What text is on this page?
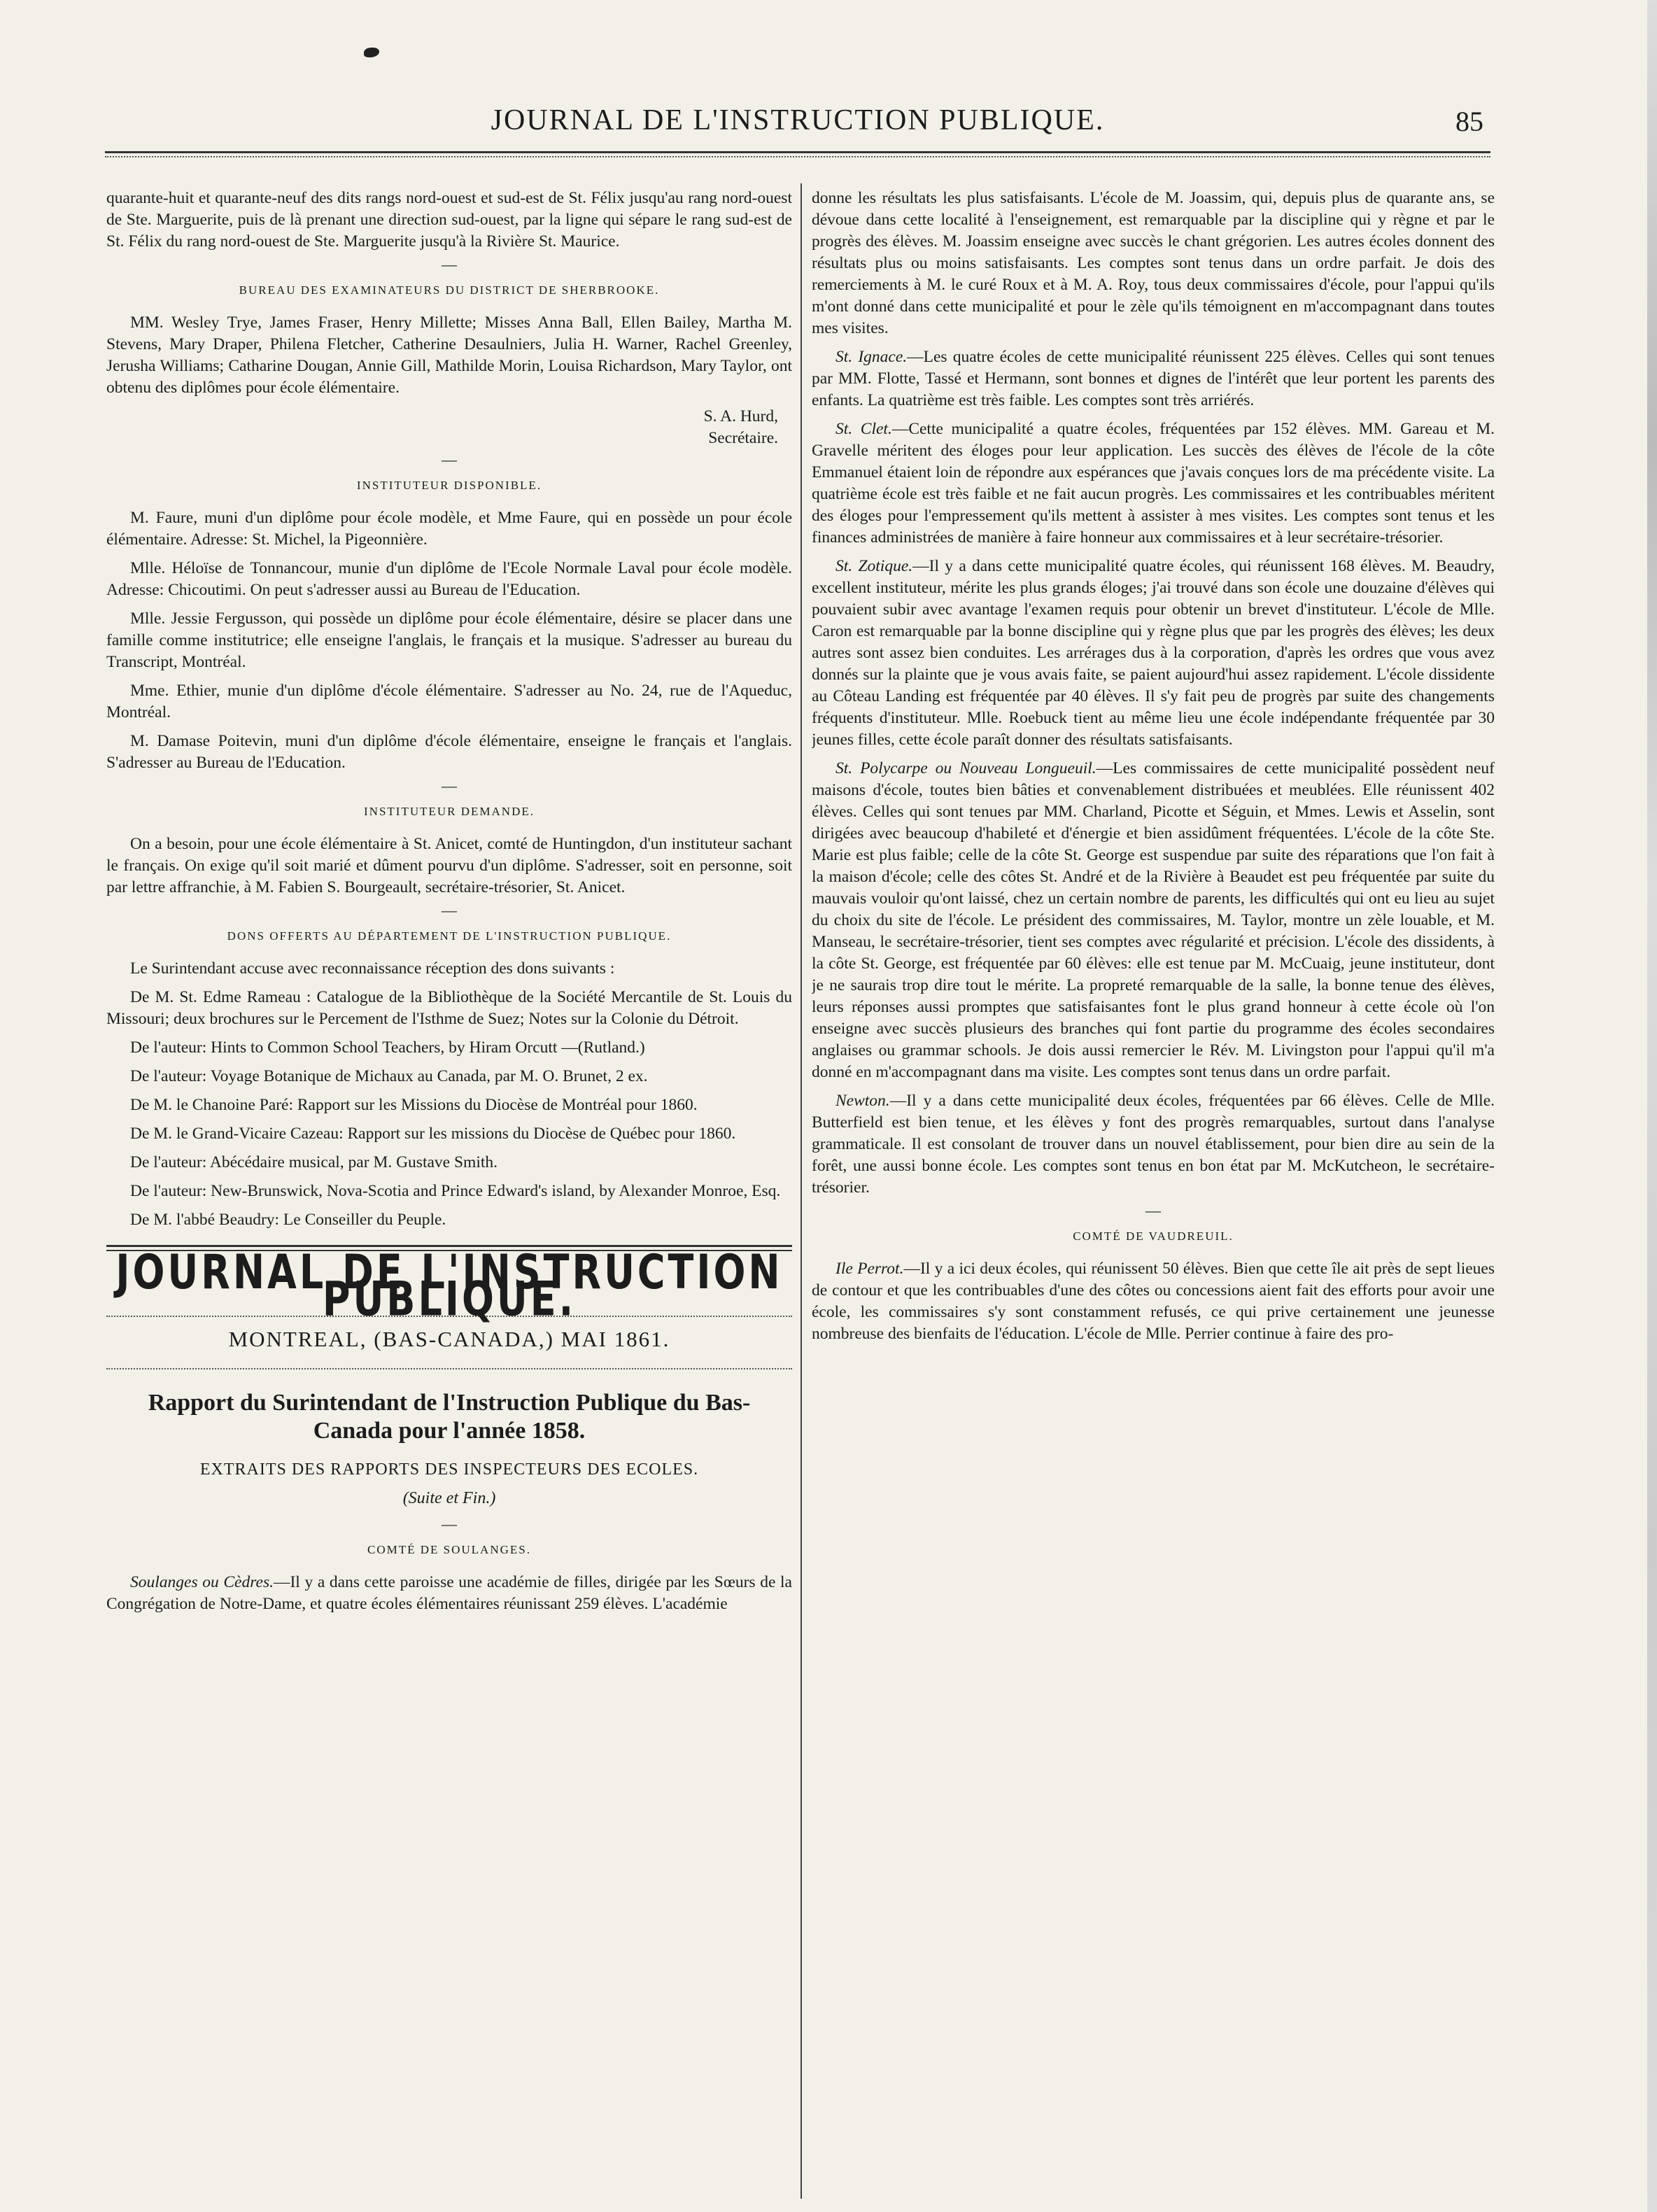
JOURNAL DE L'INSTRUCTION PUBLIQUE.	85

quarante-huit et quarante-neuf des dits rangs nord-ouest et sud-est de St. Félix jusqu'au rang nord-ouest de Ste. Marguerite, puis de là prenant une direction sud-ouest, par la ligne qui sépare le rang sud-est de St. Félix du rang nord-ouest de Ste. Marguerite jusqu'à la Rivière St. Maurice.

—
BUREAU DES EXAMINATEURS DU DISTRICT DE SHERBROOKE.

MM. Wesley Trye, James Fraser, Henry Millette; Misses Anna Ball, Ellen Bailey, Martha M. Stevens, Mary Draper, Philena Fletcher, Catherine Desaulniers, Julia H. Warner, Rachel Greenley, Jerusha Williams; Catharine Dougan, Annie Gill, Mathilde Morin, Louisa Richardson, Mary Taylor, ont obtenu des diplômes pour école élémentaire.

S. A. Hurd,
Secrétaire.
—
INSTITUTEUR DISPONIBLE.

M. Faure, muni d'un diplôme pour école modèle, et Mme Faure, qui en possède un pour école élémentaire. Adresse: St. Michel, la Pigeonnière.

Mlle. Héloïse de Tonnancour, munie d'un diplôme de l'Ecole Normale Laval pour école modèle. Adresse: Chicoutimi. On peut s'adresser aussi au Bureau de l'Education.

Mlle. Jessie Fergusson, qui possède un diplôme pour école élémentaire, désire se placer dans une famille comme institutrice; elle enseigne l'anglais, le français et la musique. S'adresser au bureau du Transcript, Montréal.

Mme. Ethier, munie d'un diplôme d'école élémentaire. S'adresser au No. 24, rue de l'Aqueduc, Montréal.

M. Damase Poitevin, muni d'un diplôme d'école élémentaire, enseigne le français et l'anglais. S'adresser au Bureau de l'Education.

—
INSTITUTEUR DEMANDE.

On a besoin, pour une école élémentaire à St. Anicet, comté de Huntingdon, d'un instituteur sachant le français. On exige qu'il soit marié et dûment pourvu d'un diplôme. S'adresser, soit en personne, soit par lettre affranchie, à M. Fabien S. Bourgeault, secrétaire-trésorier, St. Anicet.

—
DONS OFFERTS AU DÉPARTEMENT DE L'INSTRUCTION PUBLIQUE.

Le Surintendant accuse avec reconnaissance réception des dons suivants :

De M. St. Edme Rameau : Catalogue de la Bibliothèque de la Société Mercantile de St. Louis du Missouri; deux brochures sur le Percement de l'Isthme de Suez; Notes sur la Colonie du Détroit.

De l'auteur: Hints to Common School Teachers, by Hiram Orcutt —(Rutland.)

De l'auteur: Voyage Botanique de Michaux au Canada, par M. O. Brunet, 2 ex.

De M. le Chanoine Paré: Rapport sur les Missions du Diocèse de Montréal pour 1860.

De M. le Grand-Vicaire Cazeau: Rapport sur les missions du Diocèse de Québec pour 1860.

De l'auteur: Abécédaire musical, par M. Gustave Smith.

De l'auteur: New-Brunswick, Nova-Scotia and Prince Edward's island, by Alexander Monroe, Esq.

De M. l'abbé Beaudry: Le Conseiller du Peuple.

JOURNAL DE L'INSTRUCTION PUBLIQUE.
MONTREAL, (BAS-CANADA,) MAI 1861.
Rapport du Surintendant de l'Instruction Publique du Bas-Canada pour l'année 1858.
EXTRAITS DES RAPPORTS DES INSPECTEURS DES ECOLES.
(Suite et Fin.)
—
COMTÉ DE SOULANGES.

Soulanges ou Cèdres.—Il y a dans cette paroisse une académie de filles, dirigée par les Sœurs de la Congrégation de Notre-Dame, et quatre écoles élémentaires réunissant 259 élèves. L'académie

donne les résultats les plus satisfaisants. L'école de M. Joassim, qui, depuis plus de quarante ans, se dévoue dans cette localité à l'enseignement, est remarquable par la discipline qui y règne et par le progrès des élèves. M. Joassim enseigne avec succès le chant grégorien. Les autres écoles donnent des résultats plus ou moins satisfaisants. Les comptes sont tenus dans un ordre parfait. Je dois des remerciements à M. le curé Roux et à M. A. Roy, tous deux commissaires d'école, pour l'appui qu'ils m'ont donné dans cette municipalité et pour le zèle qu'ils témoignent en m'accompagnant dans toutes mes visites.

St. Ignace.—Les quatre écoles de cette municipalité réunissent 225 élèves. Celles qui sont tenues par MM. Flotte, Tassé et Hermann, sont bonnes et dignes de l'intérêt que leur portent les parents des enfants. La quatrième est très faible. Les comptes sont très arriérés.

St. Clet.—Cette municipalité a quatre écoles, fréquentées par 152 élèves. MM. Gareau et M. Gravelle méritent des éloges pour leur application. Les succès des élèves de l'école de la côte Emmanuel étaient loin de répondre aux espérances que j'avais conçues lors de ma précédente visite. La quatrième école est très faible et ne fait aucun progrès. Les commissaires et les contribuables méritent des éloges pour l'empressement qu'ils mettent à assister à mes visites. Les comptes sont tenus et les finances administrées de manière à faire honneur aux commissaires et à leur secrétaire-trésorier.

St. Zotique.—Il y a dans cette municipalité quatre écoles, qui réunissent 168 élèves. M. Beaudry, excellent instituteur, mérite les plus grands éloges; j'ai trouvé dans son école une douzaine d'élèves qui pouvaient subir avec avantage l'examen requis pour obtenir un brevet d'instituteur. L'école de Mlle. Caron est remarquable par la bonne discipline qui y règne plus que par les progrès des élèves; les deux autres sont assez bien conduites. Les arrérages dus à la corporation, d'après les ordres que vous avez donnés sur la plainte que je vous avais faite, se paient aujourd'hui assez rapidement. L'école dissidente au Côteau Landing est fréquentée par 40 élèves. Il s'y fait peu de progrès par suite des changements fréquents d'instituteur. Mlle. Roebuck tient au même lieu une école indépendante fréquentée par 30 jeunes filles, cette école paraît donner des résultats satisfaisants.

St. Polycarpe ou Nouveau Longueuil.—Les commissaires de cette municipalité possèdent neuf maisons d'école, toutes bien bâties et convenablement distribuées et meublées. Elle réunissent 402 élèves. Celles qui sont tenues par MM. Charland, Picotte et Séguin, et Mmes. Lewis et Asselin, sont dirigées avec beaucoup d'habileté et d'énergie et bien assidûment fréquentées. L'école de la côte Ste. Marie est plus faible; celle de la côte St. George est suspendue par suite des réparations que l'on fait à la maison d'école; celle des côtes St. André et de la Rivière à Beaudet est peu fréquentée par suite du mauvais vouloir qu'ont laissé, chez un certain nombre de parents, les difficultés qui ont eu lieu au sujet du choix du site de l'école. Le président des commissaires, M. Taylor, montre un zèle louable, et M. Manseau, le secrétaire-trésorier, tient ses comptes avec régularité et précision. L'école des dissidents, à la côte St. George, est fréquentée par 60 élèves: elle est tenue par M. McCuaig, jeune instituteur, dont je ne saurais trop dire tout le mérite. La propreté remarquable de la salle, la bonne tenue des élèves, leurs réponses aussi promptes que satisfaisantes font le plus grand honneur à cette école où l'on enseigne avec succès plusieurs des branches qui font partie du programme des écoles secondaires anglaises ou grammar schools. Je dois aussi remercier le Rév. M. Livingston pour l'appui qu'il m'a donné en m'accompagnant dans ma visite. Les comptes sont tenus dans un ordre parfait.

Newton.—Il y a dans cette municipalité deux écoles, fréquentées par 66 élèves. Celle de Mlle. Butterfield est bien tenue, et les élèves y font des progrès remarquables, surtout dans l'analyse grammaticale. Il est consolant de trouver dans un nouvel établissement, pour bien dire au sein de la forêt, une aussi bonne école. Les comptes sont tenus en bon état par M. McKutcheon, le secrétaire-trésorier.

—
COMTÉ DE VAUDREUIL.

Ile Perrot.—Il y a ici deux écoles, qui réunissent 50 élèves. Bien que cette île ait près de sept lieues de contour et que les contribuables d'une des côtes ou concessions aient fait des efforts pour avoir une école, les commissaires s'y sont constamment refusés, ce qui prive certainement une jeunesse nombreuse des bienfaits de l'éducation. L'école de Mlle. Perrier continue à faire des pro-
